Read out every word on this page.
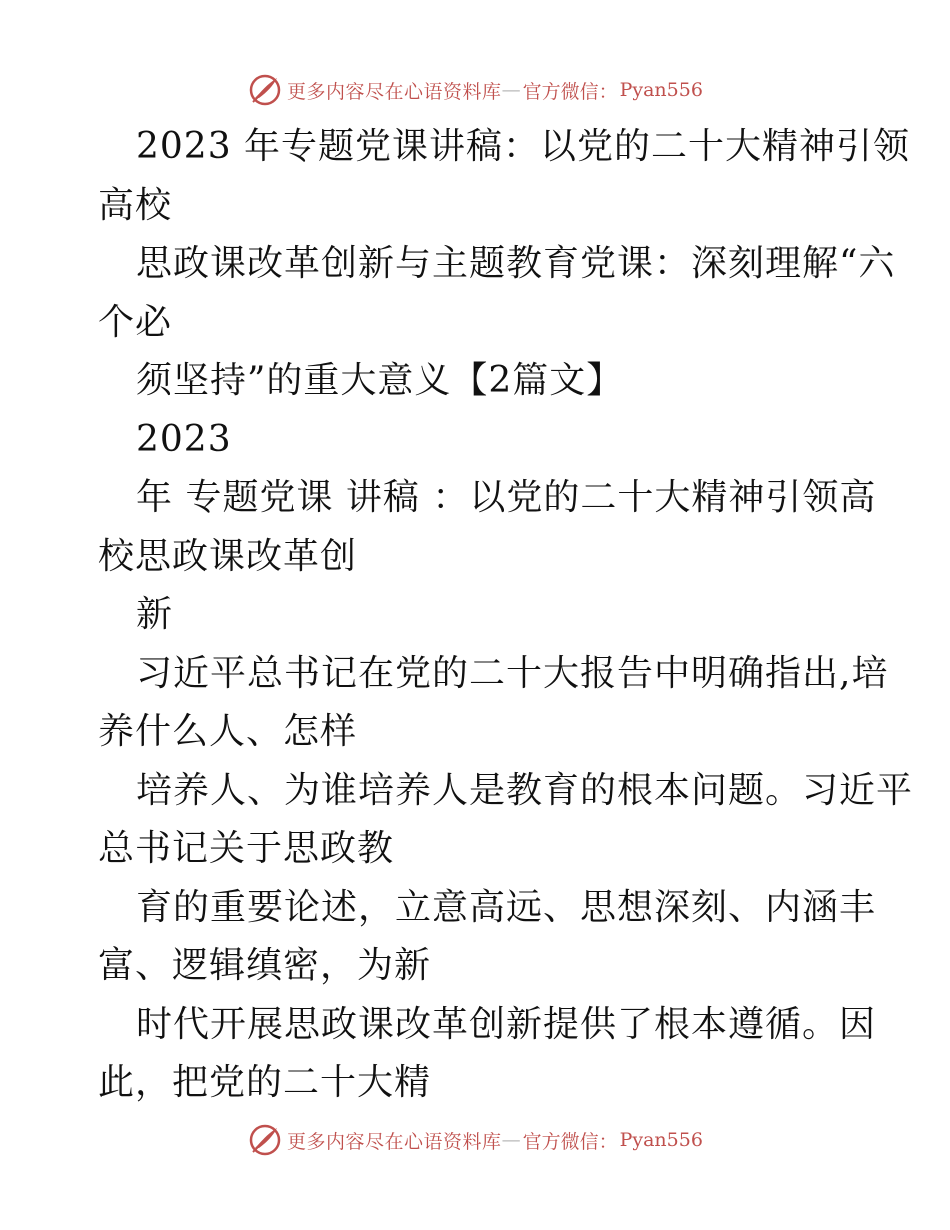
更多内容尽在心语资料库 — 官方微信： Pyan556
2023 年专题党课讲稿：以党的二十大精神引领
高校
思政课改革创新与主题教育党课：深刻理解“六
个必
须坚持”的重大意义【2篇文】
2023
年 专题党课 讲稿 ：以党的二十大精神引领高
校思政课改革创
新
习近平总书记在党的二十大报告中明确指出,培
养什么人、怎样
培养人、为谁培养人是教育的根本问题。习近平
总书记关于思政教
育的重要论述，立意高远、思想深刻、内涵丰
富、逻辑缜密，为新
时代开展思政课改革创新提供了根本遵循。因
此，把党的二十大精
更多内容尽在心语资料库 — 官方微信： Pyan556
